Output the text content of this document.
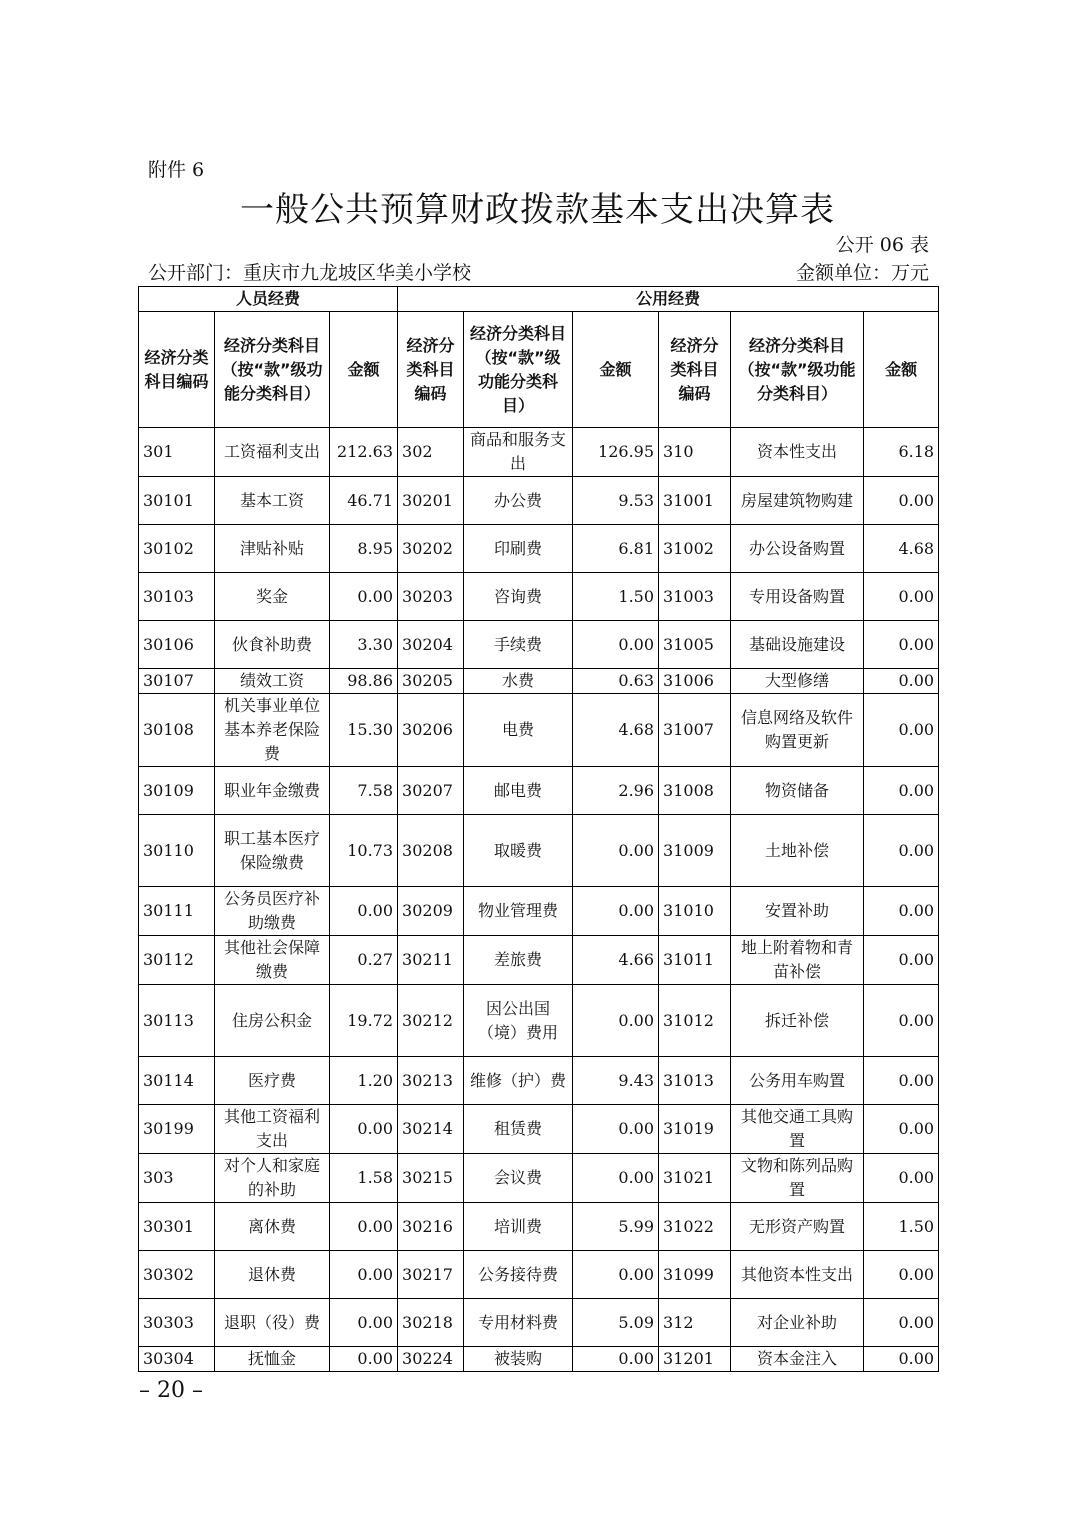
附件 6
一般公共预算财政拨款基本支出决算表
公开 06 表
公开部门：重庆市九龙坡区华美小学校	金额单位：万元
人员经费			公用经费					
经济分类科目编码	经济分类科目（按“款”级功能分类科目）	金额	经济分类科目编码	经济分类科目（按“款”级功能分类科目）	金额	经济分类科目编码	经济分类科目（按“款”级功能分类科目）	金额
301	工资福利支出	212.63	302	商品和服务支出	126.95	310	资本性支出	6.18
30101	基本工资	46.71	30201	办公费	9.53	31001	房屋建筑物购建	0.00
30102	津贴补贴	8.95	30202	印刷费	6.81	31002	办公设备购置	4.68
30103	奖金	0.00	30203	咨询费	1.50	31003	专用设备购置	0.00
30106	伙食补助费	3.30	30204	手续费	0.00	31005	基础设施建设	0.00
30107	绩效工资	98.86	30205	水费	0.63	31006	大型修缮	0.00
30108	机关事业单位基本养老保险费	15.30	30206	电费	4.68	31007	信息网络及软件购置更新	0.00
30109	职业年金缴费	7.58	30207	邮电费	2.96	31008	物资储备	0.00
30110	职工基本医疗保险缴费	10.73	30208	取暖费	0.00	31009	土地补偿	0.00
30111	公务员医疗补助缴费	0.00	30209	物业管理费	0.00	31010	安置补助	0.00
30112	其他社会保障缴费	0.27	30211	差旅费	4.66	31011	地上附着物和青苗补偿	0.00
30113	住房公积金	19.72	30212	因公出国（境）费用	0.00	31012	拆迁补偿	0.00
30114	医疗费	1.20	30213	维修（护）费	9.43	31013	公务用车购置	0.00
30199	其他工资福利支出	0.00	30214	租赁费	0.00	31019	其他交通工具购置	0.00
303	对个人和家庭的补助	1.58	30215	会议费	0.00	31021	文物和陈列品购置	0.00
30301	离休费	0.00	30216	培训费	5.99	31022	无形资产购置	1.50
30302	退休费	0.00	30217	公务接待费	0.00	31099	其他资本性支出	0.00
30303	退职（役）费	0.00	30218	专用材料费	5.09	312	对企业补助	0.00
30304	抚恤金	0.00	30224	被装购	0.00	31201	资本金注入	0.00
– 20 –
